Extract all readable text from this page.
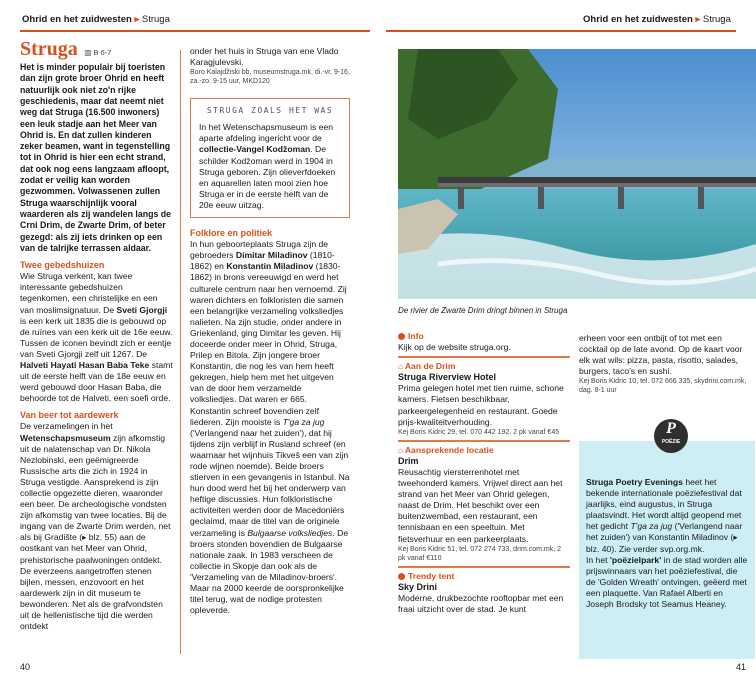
Ohrid en het zuidwesten ▸ Struga
Struga ▥ B 6-7

Het is minder populair bij toeristen dan zijn grote broer Ohrid en heeft natuurlijk ook niet zo'n rijke geschiedenis, maar dat neemt niet weg dat Struga (16.500 inwoners) een leuk stadje aan het Meer van Ohrid is. En dat zullen kinderen zeker beamen, want in tegenstelling tot in Ohrid is hier een echt strand, dat ook nog eens langzaam afloopt, zodat er veilig kan worden gezwommen. Volwassenen zullen Struga waarschijnlijk vooral waarderen als zij wandelen langs de Crni Drim, de Zwarte Drim, of beter gezegd: als zij iets drinken op een van de talrijke terrassen aldaar.

Twee gebedshuizen

Wie Struga verkent, kan twee interessante gebedshuizen tegenkomen, een christelijke en een van moslimsignatuur. De Sveti Gjorgji is een kerk uit 1835 die is gebouwd op de ruïnes van een kerk uit de 16e eeuw. Tussen de iconen bevindt zich er eentje van Sveti Gjorgji zelf uit 1267. De Halveti Hayati Hasan Baba Teke stamt uit de eerste helft van de 18e eeuw en werd gebouwd door Hasan Baba, die behoorde tot de Halveti, een soefi orde.

Van beer tot aardewerk

De verzamelingen in het Wetenschapsmuseum zijn afkomstig uit de nalatenschap van Dr. Nikola Nezlobinski, een geëmigreerde Russische arts die zich in 1924 in Struga vestigde. Aansprekend is zijn collectie opgezette dieren, waaronder een beer. De archeologische vondsten zijn afkomstig van twee locaties. Bij de ingang van de Zwarte Drim werden, net als bij Gradište (▸ blz. 55) aan de oostkant van het Meer van Ohrid, prehistorische paalwoningen ontdekt. De everzeens aangetroffen stenen bijlen, messen, enzovoort en het aardewerk zijn in dit museum te bewonderen. Net als de grafvondsten uit de hellenistische tijd die werden ontdekt

onder het huis in Struga van ene Vlado Karagjulevski.

Boro Kalajdžiski bb, museumstruga.mk, di.-vr. 9-16, za.-zo. 9-15 uur, MKD120

STRUGA ZOALS HET WAS

In het Wetenschapsmuseum is een aparte afdeling ingericht voor de collectie-Vangel Kodžoman. De schilder Kodžoman werd in 1904 in Struga geboren. Zijn olieverfdoeken en aquarellen laten mooi zien hoe Struga er in de eerste helft van de 20e eeuw uitzag.

Folklore en politiek

In hun geboorteplaats Struga zijn de gebroeders Dimitar Miladinov (1810-1862) en Konstantin Miladinov (1830-1862) in brons vereeuwigd en werd het culturele centrum naar hen vernoemd. Zij waren dichters en folkloristen die samen een belangrijke verzameling volksliedjes nalieten. Na zijn studie, onder andere in Griekenland, ging Dimitar les geven. Hij doceerde onder meer in Ohrid, Struga, Prilep en Bitola. Zijn jongere broer Konstantin, die nog les van hem heeft gekregen, hielp hem met het uitgeven van de door hem verzamelde volksliedjes. Dat waren er 665. Konstantin schreef bovendien zelf liederen. Zijn mooiste is T'ga za jug ('Verlangend naar het zuiden'), dat hij tijdens zijn verblijf in Rusland schreef (en waarnaar het wijnhuis Tikveš een van zijn rode wijnen noemde). Beide broers stierven in een gevangenis in Istanbul. Na hun dood werd het bij het onderwerp van heftige discussies. Hun folkloristische activiteiten werden door de Macedoniërs geclaimd, maar de titel van de originele verzameling is Bulgaarse volksliedjes. De broers stonden bovendien de Bulgaarse nationale zaak. In 1983 verscheen de collectie in Skopje dan ook als de 'Verzameling van de Miladinov-broers'. Maar na 2000 keerde de oorspronkelijke titel terug, wat de nodige protesten opleverde.

40
Ohrid en het zuidwesten ▸ Struga
De rivier de Zwarte Drim dringt binnen in Struga
Info

Kijk op de website struga.org.

⌂ Aan de Drim
Struga Riverview Hotel

Prima gelegen hotel met tien ruime, schone kamers. Fietsen beschikbaar, parkeergelegenheid en restaurant. Goede prijs-kwaliteitverhouding.

Kej Boris Kidric 29, tel. 070 442 192, 2 pk vanaf €45

⌂ Aansprekende locatie
Drim

Reusachtig viersterrenhotel met tweehonderd kamers. Vrijwel direct aan het strand van het Meer van Ohrid gelegen, naast de Drim. Het beschikt over een buitenzwembad, een restaurant, een tennisbaan en een speeltuin. Met fietsverhuur en een parkeerplaats.

Kej Boris Kidric 51, tel. 072 274 733, drim.com.mk, 2 pk vanaf €110

Trendy tent
Sky Drini

Moderne, drukbezochte rooftopbar met een fraai uitzicht over de stad. Je kunt

erheen voor een ontbijt of tot met een cocktail op de late avond. Op de kaart voor elk wat wils: pizza, pasta, risotto, salades, burgers, taco's en sushi.

Kej Boris Kidric 10, tel. 072 666 335, skydrini.com.mk, dag. 8-1 uur

P
POËZIE

Struga Poetry Evenings heet het bekende internationale poëziefestival dat jaarlijks, eind augustus, in Struga plaatsvindt. Het wordt altijd geopend met het gedicht T'ga za jug ('Verlangend naar het zuiden') van Konstantin Miladinov (▸ blz. 40). Zie verder svp.org.mk.

In het 'poëzielpark' in de stad worden alle prijswinnaars van het poëziefestival, die de 'Golden Wreath' ontvingen, geëerd met een plaquette. Van Rafael Alberti en Joseph Brodsky tot Seamus Heaney.

41
